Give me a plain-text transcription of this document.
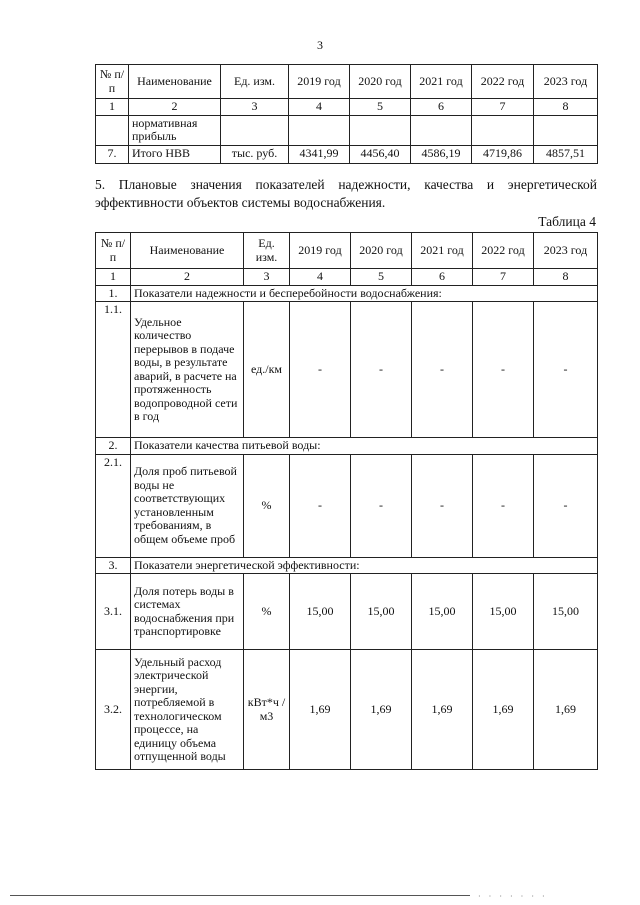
3
№ п/п	Наименование	Ед. изм.	2019 год	2020 год	2021 год	2022 год	2023 год
1	2	3	4	5	6	7	8
	нормативная прибыль						
7.	Итого НВВ	тыс. руб.	4341,99	4456,40	4586,19	4719,86	4857,51
5. Плановые значения показателей надежности, качества и энергетической эффективности объектов системы водоснабжения.
Таблица 4
№ п/п	Наименование	Ед. изм.	2019 год	2020 год	2021 год	2022 год	2023 год
1	2	3	4	5	6	7	8
1.	Показатели надежности и бесперебойности водоснабжения:						
1.1.	Удельное количество перерывов в подаче воды, в результате аварий, в расчете на протяженность водопроводной сети в год	ед./км	-	-	-	-	-
2.	Показатели качества питьевой воды:						
2.1.	Доля проб питьевой воды не соответствующих установленным требованиям, в общем объеме проб	%	-	-	-	-	-
3.	Показатели энергетической эффективности:						
3.1.	Доля потерь воды в системах водоснабжения при транспортировке	%	15,00	15,00	15,00	15,00	15,00
3.2.	Удельный расход электрической энергии, потребляемой в технологическом процессе, на единицу объема отпущенной воды	кВт*ч /м3	1,69	1,69	1,69	1,69	1,69
· · · · · · ·
